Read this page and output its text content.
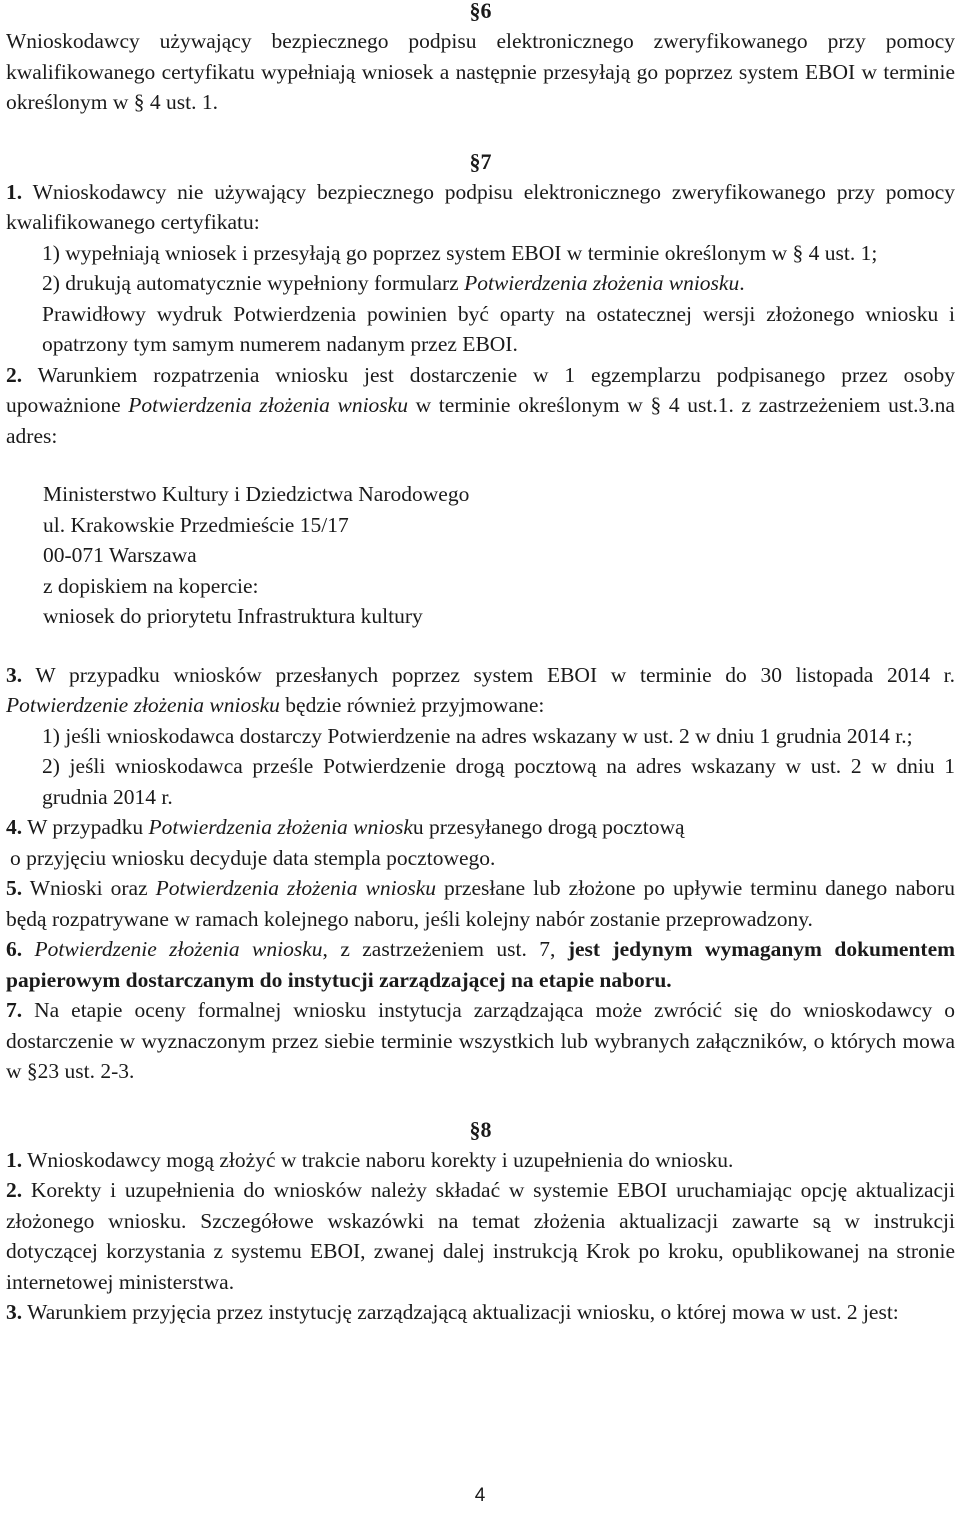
§6

Wnioskodawcy używający bezpiecznego podpisu elektronicznego zweryfikowanego przy pomocy kwalifikowanego certyfikatu wypełniają wniosek a następnie przesyłają go poprzez system EBOI w terminie określonym w § 4 ust. 1.

§7

1. Wnioskodawcy nie używający bezpiecznego podpisu elektronicznego zweryfikowanego przy pomocy kwalifikowanego certyfikatu:

1) wypełniają wniosek i przesyłają go poprzez system EBOI w terminie określonym w § 4 ust. 1;

2) drukują automatycznie wypełniony formularz Potwierdzenia złożenia wniosku.

Prawidłowy wydruk Potwierdzenia powinien być oparty na ostatecznej wersji złożonego wniosku i opatrzony tym samym numerem nadanym przez EBOI.

2. Warunkiem rozpatrzenia wniosku jest dostarczenie w 1 egzemplarzu podpisanego przez osoby upoważnione Potwierdzenia złożenia wniosku w terminie określonym w § 4 ust.1. z zastrzeżeniem ust.3.na adres:

Ministerstwo Kultury i Dziedzictwa Narodowego
ul. Krakowskie Przedmieście 15/17
00-071 Warszawa
z dopiskiem na kopercie:
wniosek do priorytetu Infrastruktura kultury

3. W przypadku wniosków przesłanych poprzez system EBOI w terminie do 30 listopada 2014 r. Potwierdzenie złożenia wniosku będzie również przyjmowane:

1) jeśli wnioskodawca dostarczy Potwierdzenie na adres wskazany w ust. 2 w dniu 1 grudnia 2014 r.;

2) jeśli wnioskodawca prześle Potwierdzenie drogą pocztową na adres wskazany w ust. 2 w dniu 1 grudnia 2014 r.

4. W przypadku Potwierdzenia złożenia wniosku przesyłanego drogą pocztową

o przyjęciu wniosku decyduje data stempla pocztowego.

5. Wnioski oraz Potwierdzenia złożenia wniosku przesłane lub złożone po upływie terminu danego naboru będą rozpatrywane w ramach kolejnego naboru, jeśli kolejny nabór zostanie przeprowadzony.

6. Potwierdzenie złożenia wniosku, z zastrzeżeniem ust. 7, jest jedynym wymaganym dokumentem papierowym dostarczanym do instytucji zarządzającej na etapie naboru.

7. Na etapie oceny formalnej wniosku instytucja zarządzająca może zwrócić się do wnioskodawcy o dostarczenie w wyznaczonym przez siebie terminie wszystkich lub wybranych załączników, o których mowa w §23 ust. 2-3.

§8

1. Wnioskodawcy mogą złożyć w trakcie naboru korekty i uzupełnienia do wniosku.

2. Korekty i uzupełnienia do wniosków należy składać w systemie EBOI uruchamiając opcję aktualizacji złożonego wniosku. Szczegółowe wskazówki na temat złożenia aktualizacji zawarte są w instrukcji dotyczącej korzystania z systemu EBOI, zwanej dalej instrukcją Krok po kroku, opublikowanej na stronie internetowej ministerstwa.

3. Warunkiem przyjęcia przez instytucję zarządzającą aktualizacji wniosku, o której mowa w ust. 2 jest:

4
